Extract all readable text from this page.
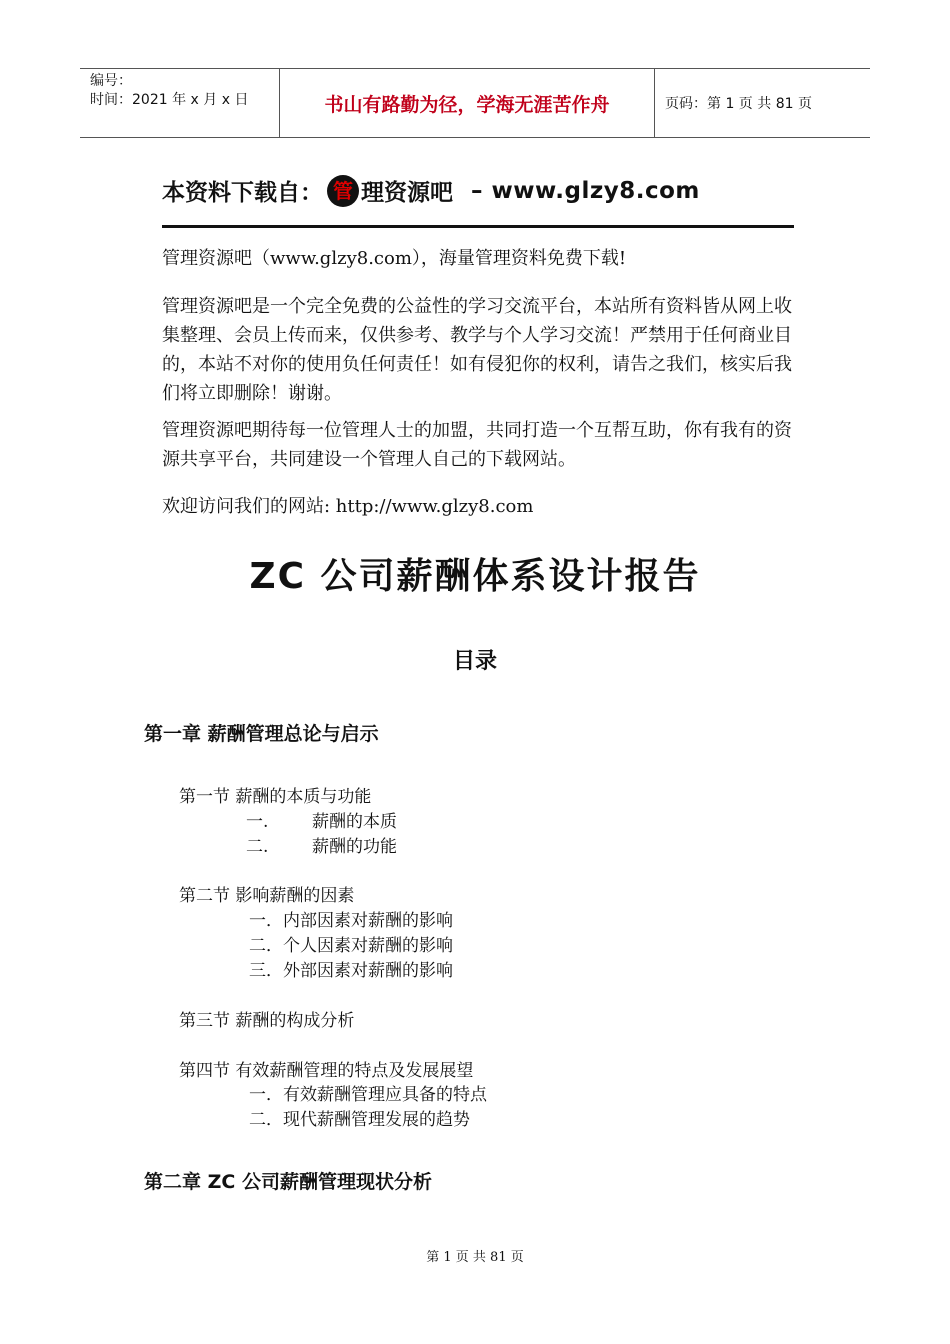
编号：
时间：2021 年 x 月 x 日	书山有路勤为径，学海无涯苦作舟	页码：第 1 页 共 81 页
本资料下载自： 管 理资源吧 – www.glzy8.com
管理资源吧（www.glzy8.com），海量管理资料免费下载!
管理资源吧是一个完全免费的公益性的学习交流平台，本站所有资料皆从网上收集整理、会员上传而来，仅供参考、教学与个人学习交流！严禁用于任何商业目的，本站不对你的使用负任何责任！如有侵犯你的权利，请告之我们，核实后我们将立即删除！谢谢。
管理资源吧期待每一位管理人士的加盟，共同打造一个互帮互助，你有我有的资源共享平台，共同建设一个管理人自己的下载网站。
欢迎访问我们的网站: http://www.glzy8.com
ZC 公司薪酬体系设计报告
目录
第一章 薪酬管理总论与启示
第一节 薪酬的本质与功能
一.	薪酬的本质
二.	薪酬的功能
第二节 影响薪酬的因素
一．内部因素对薪酬的影响
二．个人因素对薪酬的影响
三．外部因素对薪酬的影响
第三节 薪酬的构成分析
第四节 有效薪酬管理的特点及发展展望
一．有效薪酬管理应具备的特点
二．现代薪酬管理发展的趋势
第二章 ZC 公司薪酬管理现状分析
第 1 页 共 81 页
